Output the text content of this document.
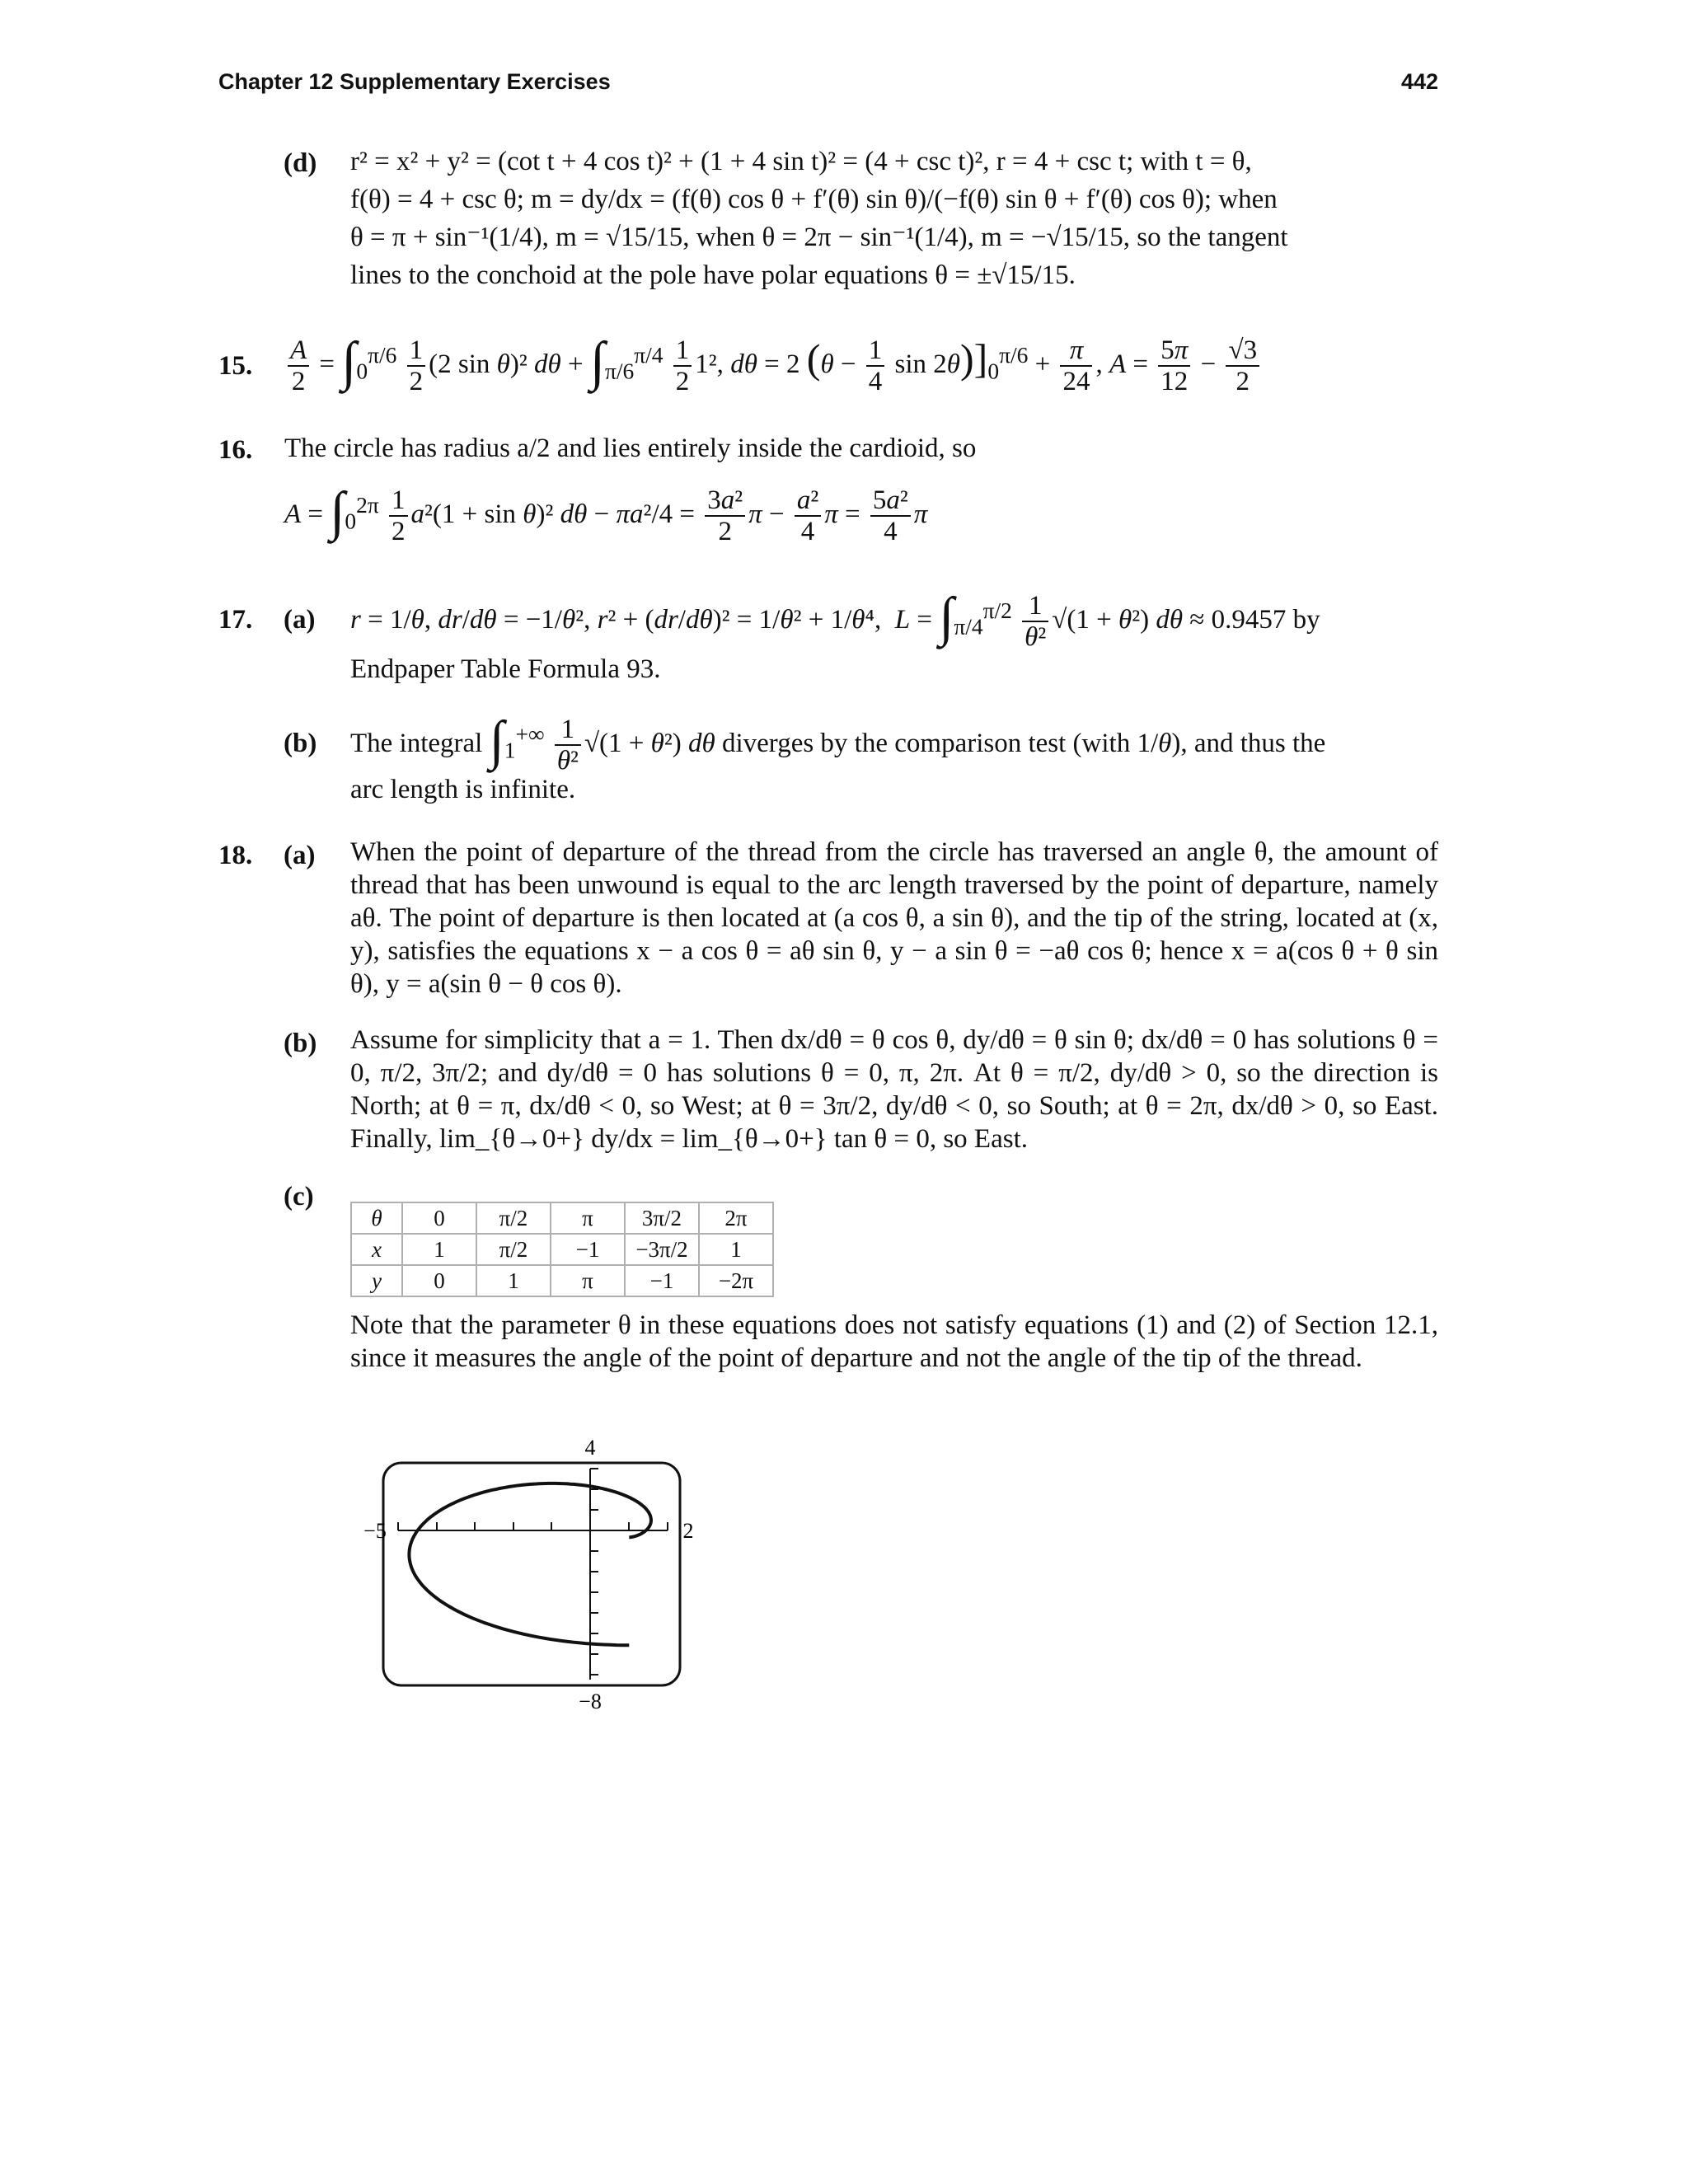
Chapter 12 Supplementary Exercises	442
(d) r² = x² + y² = (cot t + 4 cos t)² + (1 + 4 sin t)² = (4 + csc t)², r = 4 + csc t; with t = θ,
f(θ) = 4 + csc θ; m = dy/dx = (f(θ) cos θ + f′(θ) sin θ)/(−f(θ) sin θ + f′(θ) cos θ); when
θ = π + sin⁻¹(1/4), m = √15/15, when θ = 2π − sin⁻¹(1/4), m = −√15/15, so the tangent
lines to the conchoid at the pole have polar equations θ = ±√15/15.
15. $\frac{A}{2} = \int_0^{\pi/6} \frac{1}{2} (2$ sin θ)² $d\theta + \int_{\pi/6}^{\pi/4} \frac{1}{2} 1^2$, dθ = 2 ($\theta - \frac{1}{4}$ $\sin 2\theta)]_0^{\pi/6} + \frac{\pi}{24}$ , $A = \frac{5\pi}{12} - \frac{√3}{2}$
16. The circle has radius a/2 and lies entirely inside the cardioid, so
$A = \int_0^{2\pi} \frac{1}{2} a^2(1 + \sin \theta)^2$ $d\theta - \pi a^2/4 = \frac{\text{3a²}}{2}$ $\pi - \frac{\text{a²}}{4}$ $\pi = \frac{\text{5a²}}{4}$ π
17. (a) r = 1/θ, dr/dθ = −1/θ², r² + (dr/dθ)² = 1/θ² + 1/θ⁴,  $L = \int_{\pi/4}^{\pi/2} \frac{1}{\text{θ²}} √(1 + \theta^2) d\theta \approx 0.9457$ by
Endpaper Table Formula 93.
(b) The integral $\int_1^{+\infty} \frac{1}{\text{θ²}} √(1 + \theta^2)$ dθ diverges by the comparison test (with 1/θ), and thus the
arc length is infinite.
18. (a) When the point of departure of the thread from the circle has traversed an angle θ, the amount of thread that has been unwound is equal to the arc length traversed by the point of departure, namely aθ. The point of departure is then located at (a cos θ, a sin θ), and the tip of the string, located at (x, y), satisfies the equations x − a cos θ = aθ sin θ, y − a sin θ = −aθ cos θ; hence x = a(cos θ + θ sin θ), y = a(sin θ − θ cos θ).
(b) Assume for simplicity that a = 1. Then dx/dθ = θ cos θ, dy/dθ = θ sin θ; dx/dθ = 0 has solutions θ = 0, π/2, 3π/2; and dy/dθ = 0 has solutions θ = 0, π, 2π. At θ = π/2, dy/dθ > 0, so the direction is North; at θ = π, dx/dθ < 0, so West; at θ = 3π/2, dy/dθ < 0, so South; at θ = 2π, dx/dθ > 0, so East. Finally, lim_{θ→0+} dy/dx = lim_{θ→0+} tan θ = 0, so East.
(c)
θ	0	π/2	π	3π/2	2π
x	1	π/2	−1	−3π/2	1
y	0	1	π	−1	−2π
Note that the parameter θ in these equations does not satisfy equations (1) and (2) of Section 12.1, since it measures the angle of the point of departure and not the angle of the tip of the thread.
4
−8
−5	2
